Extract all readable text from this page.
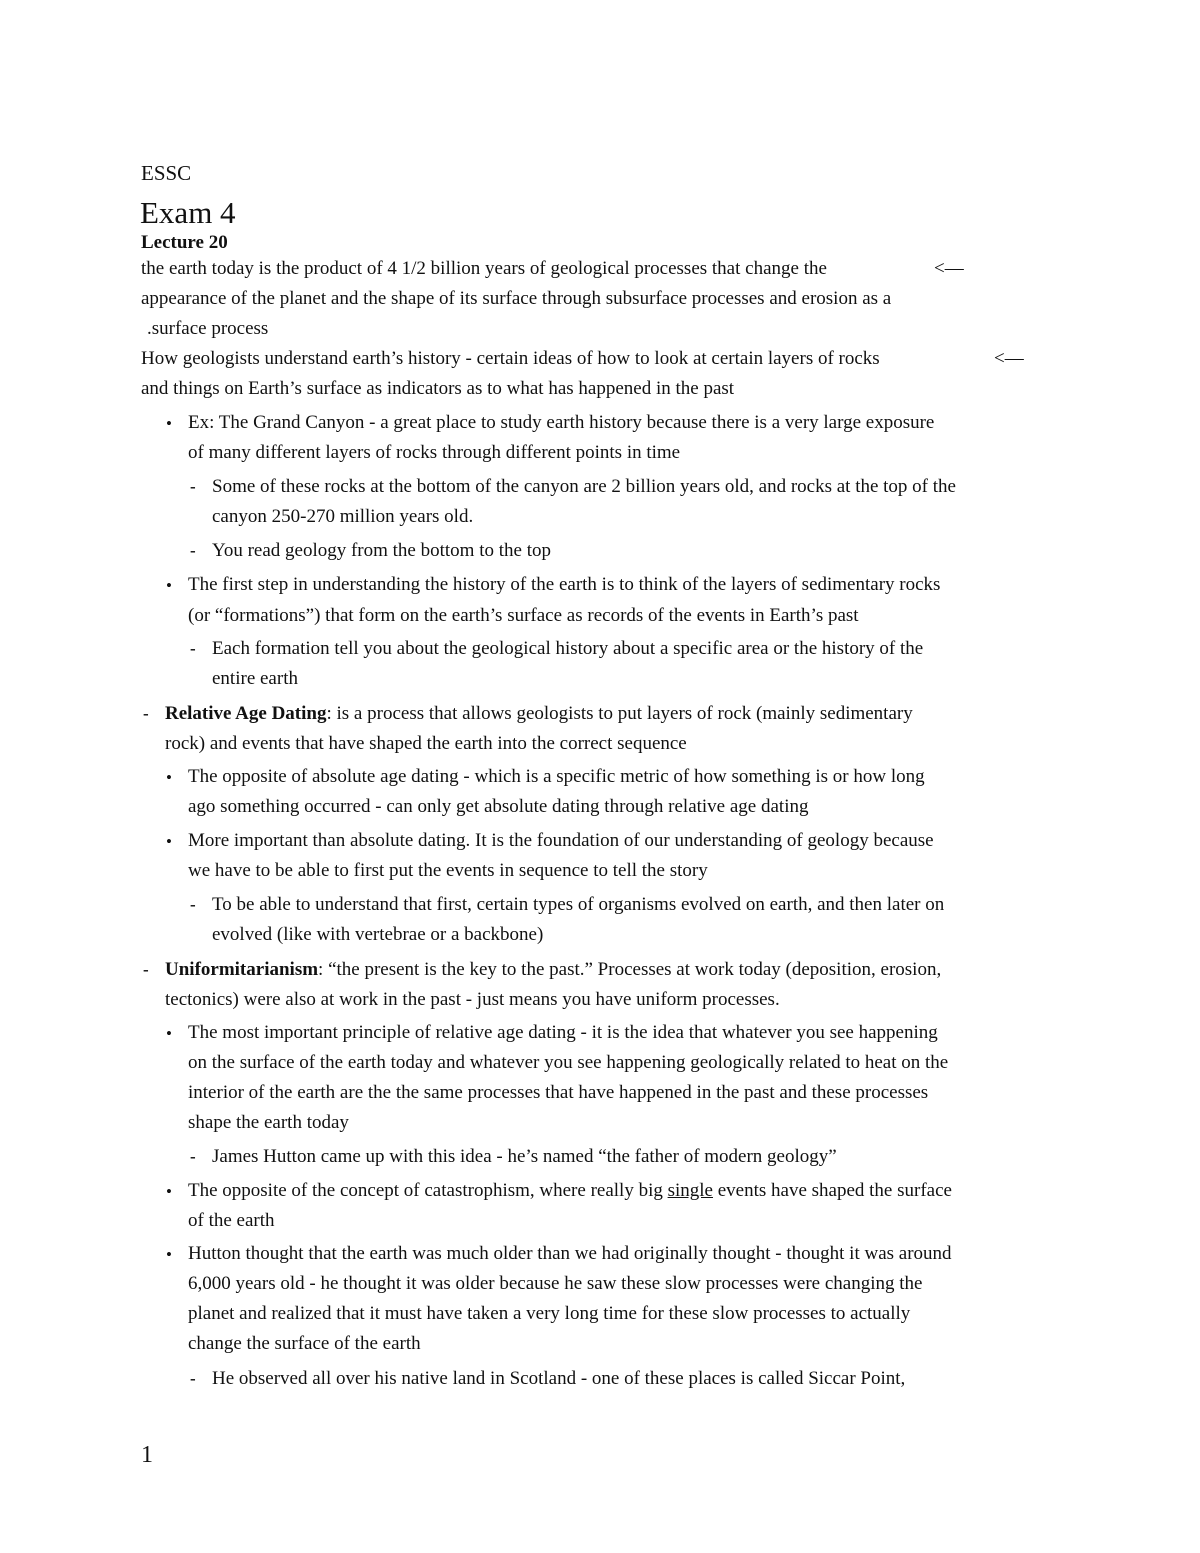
ESSC
Exam 4
Lecture 20
the earth today is the product of 4 1/2 billion years of geological processes that change the	<—
appearance of the planet and the shape of its surface through subsurface processes and erosion as a
.surface process
How geologists understand earth’s history - certain ideas of how to look at certain layers of rocks	<—
and things on Earth’s surface as indicators as to what has happened in the past
• Ex: The Grand Canyon - a great place to study earth history because there is a very large exposure
of many different layers of rocks through different points in time
- Some of these rocks at the bottom of the canyon are 2 billion years old, and rocks at the top of the
canyon 250-270 million years old.
- You read geology from the bottom to the top
• The first step in understanding the history of the earth is to think of the layers of sedimentary rocks
(or “formations”) that form on the earth’s surface as records of the events in Earth’s past
- Each formation tell you about the geological history about a specific area or the history of the
entire earth
- Relative Age Dating: is a process that allows geologists to put layers of rock (mainly sedimentary
rock) and events that have shaped the earth into the correct sequence
• The opposite of absolute age dating - which is a specific metric of how something is or how long
ago something occurred - can only get absolute dating through relative age dating
• More important than absolute dating. It is the foundation of our understanding of geology because
we have to be able to first put the events in sequence to tell the story
- To be able to understand that first, certain types of organisms evolved on earth, and then later on
evolved (like with vertebrae or a backbone)
- Uniformitarianism: “the present is the key to the past.” Processes at work today (deposition, erosion,
tectonics) were also at work in the past - just means you have uniform processes.
• The most important principle of relative age dating - it is the idea that whatever you see happening
on the surface of the earth today and whatever you see happening geologically related to heat on the
interior of the earth are the the same processes that have happened in the past and these processes
shape the earth today
- James Hutton came up with this idea - he’s named “the father of modern geology”
• The opposite of the concept of catastrophism, where really big single events have shaped the surface
of the earth
• Hutton thought that the earth was much older than we had originally thought - thought it was around
6,000 years old - he thought it was older because he saw these slow processes were changing the
planet and realized that it must have taken a very long time for these slow processes to actually
change the surface of the earth
- He observed all over his native land in Scotland - one of these places is called Siccar Point,
1
